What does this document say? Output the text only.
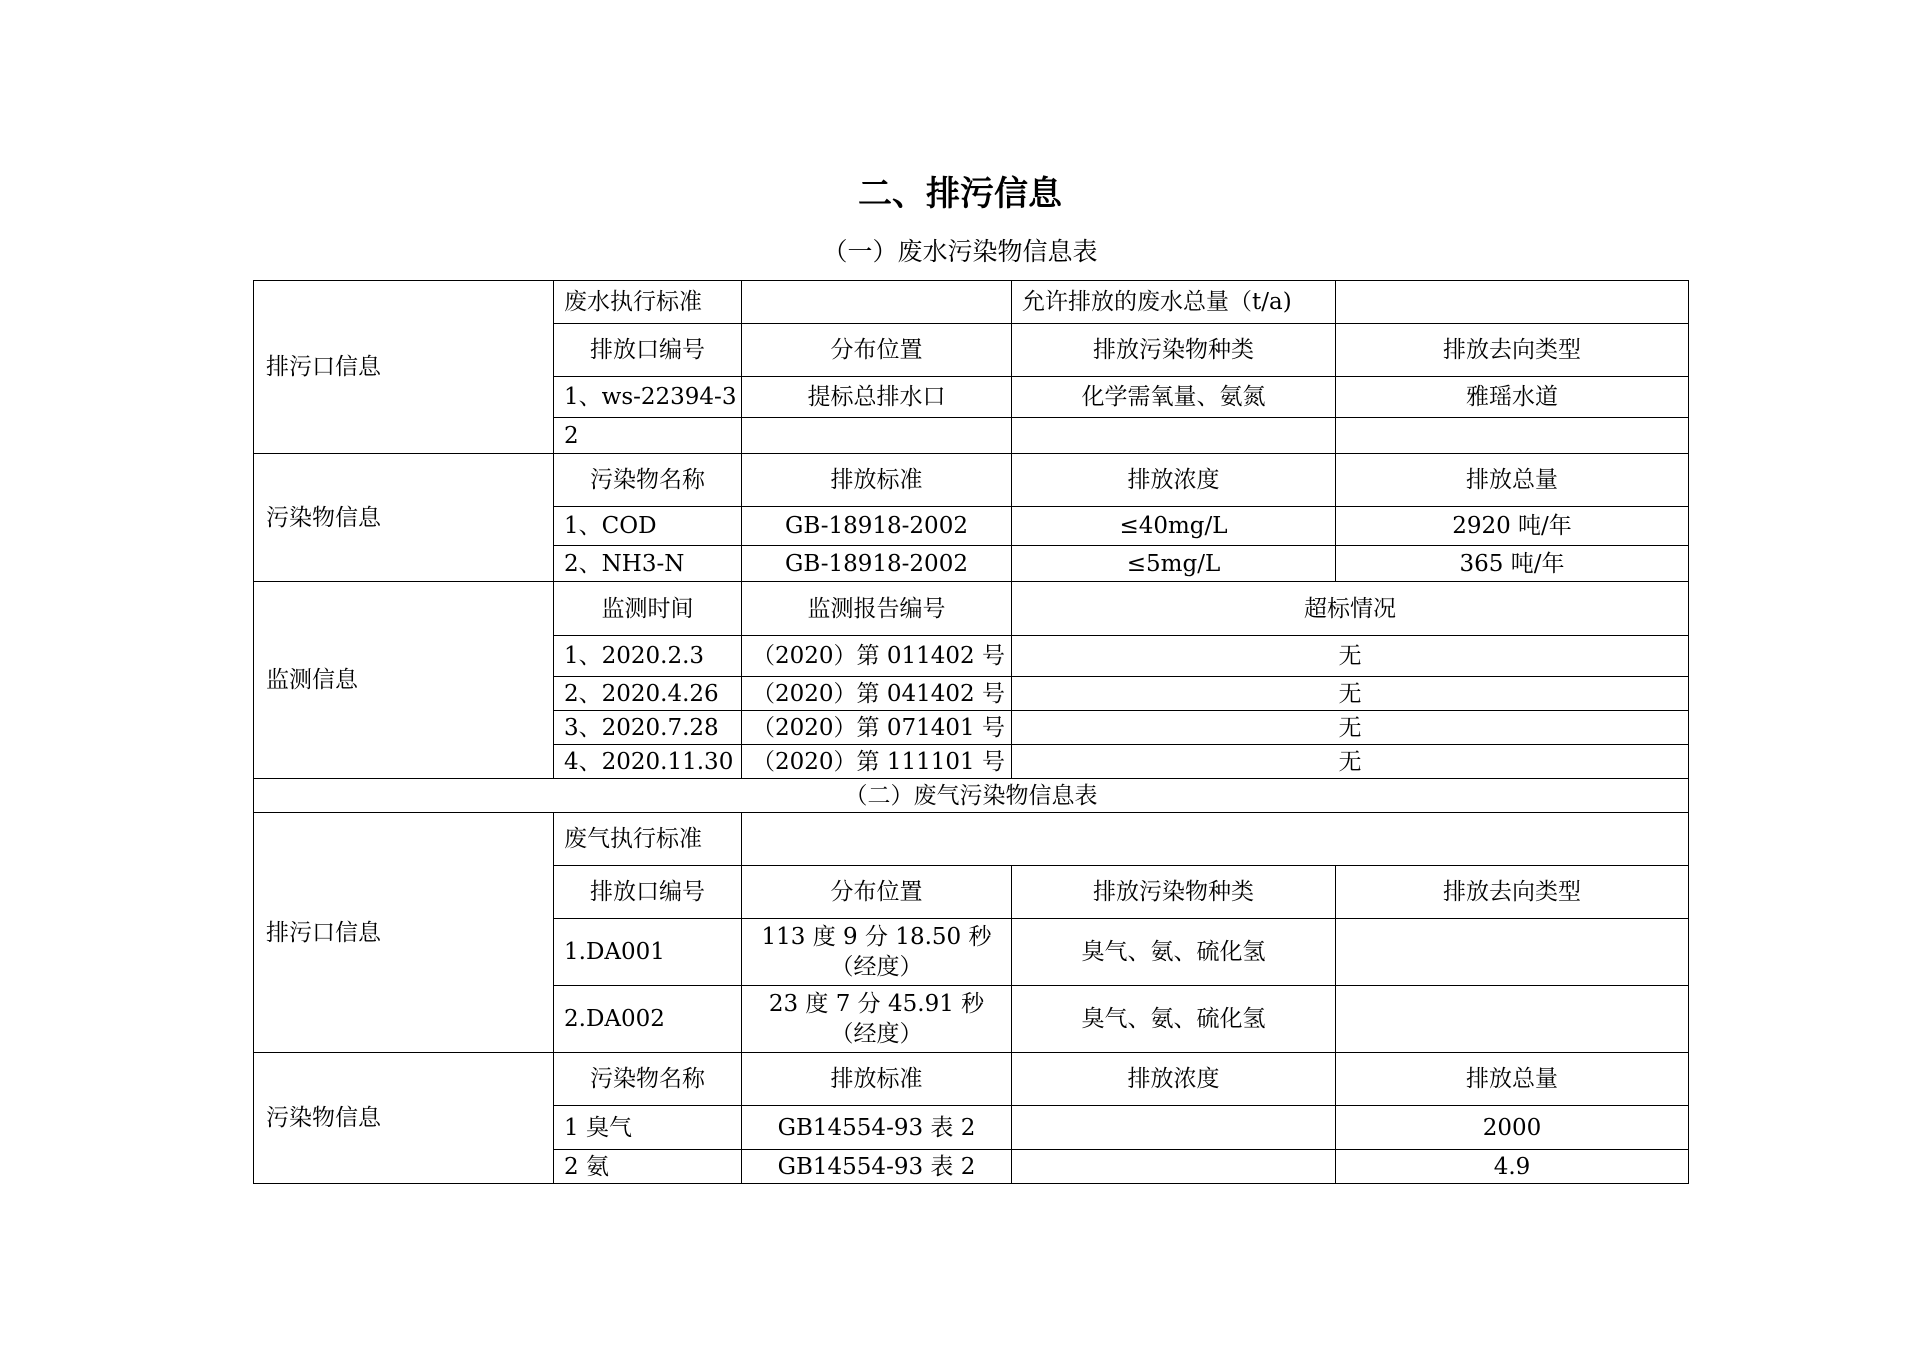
二、排污信息
（一）废水污染物信息表
排污口信息	废水执行标准		允许排放的废水总量（t/a)	
	排放口编号	分布位置	排放污染物种类	排放去向类型
	1、ws-22394-3	提标总排水口	化学需氧量、氨氮	雅瑶水道
	2			
污染物信息	污染物名称	排放标准	排放浓度	排放总量
	1、COD	GB-18918-2002	≤40mg/L	2920 吨/年
	2、NH3-N	GB-18918-2002	≤5mg/L	365 吨/年
监测信息	监测时间	监测报告编号	超标情况	
	1、2020.2.3	（2020）第 011402 号	无	
	2、2020.4.26	（2020）第 041402 号	无	
	3、2020.7.28	（2020）第 071401 号	无	
	4、2020.11.30	（2020）第 111101 号	无	
（二）废气污染物信息表				
排污口信息	废气执行标准			
	排放口编号	分布位置	排放污染物种类	排放去向类型
	1.DA001	113 度 9 分 18.50 秒（经度）	臭气、氨、硫化氢	
	2.DA002	23 度 7 分 45.91 秒（经度）	臭气、氨、硫化氢	
污染物信息	污染物名称	排放标准	排放浓度	排放总量
	1 臭气	GB14554-93 表 2		2000
	2 氨	GB14554-93 表 2		4.9
